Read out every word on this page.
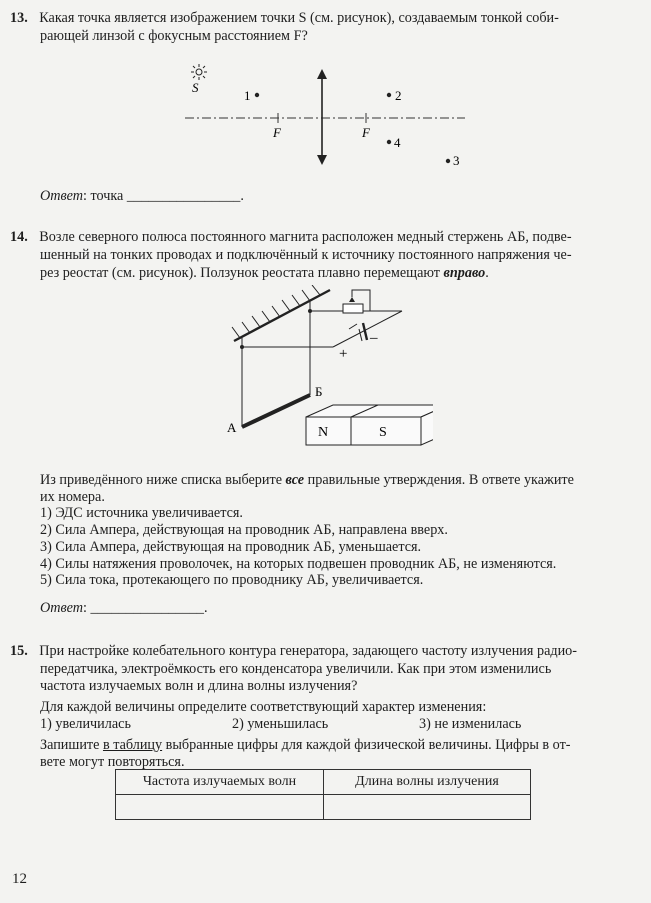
13. Какая точка является изображением точки S (см. рисунок), создаваемым тонкой соби-
рающей линзой с фокусным расстоянием F?
S
F	F
1	2
4
3
Ответ: точка ________________.
14. Возле северного полюса постоянного магнита расположен медный стержень АБ, подве-
шенный на тонких проводах и подключённый к источнику постоянного напряжения че-
рез реостат (см. рисунок). Ползунок реостата плавно перемещают вправо.
+
–
А
Б
N	S
Из приведённого ниже списка выберите все правильные утверждения. В ответе укажите
их номера.
1) ЭДС источника увеличивается.
2) Сила Ампера, действующая на проводник АБ, направлена вверх.
3) Сила Ампера, действующая на проводник АБ, уменьшается.
4) Силы натяжения проволочек, на которых подвешен проводник АБ, не изменяются.
5) Сила тока, протекающего по проводнику АБ, увеличивается.
Ответ: ________________.
15. При настройке колебательного контура генератора, задающего частоту излучения радио-
передатчика, электроёмкость его конденсатора увеличили. Как при этом изменились
частота излучаемых волн и длина волны излучения?
Для каждой величины определите соответствующий характер изменения:
1) увеличилась	2) уменьшилась	3) не изменилась
Запишите в таблицу выбранные цифры для каждой физической величины. Цифры в от-
вете могут повторяться.
Частота излучаемых волн	Длина волны излучения

12
